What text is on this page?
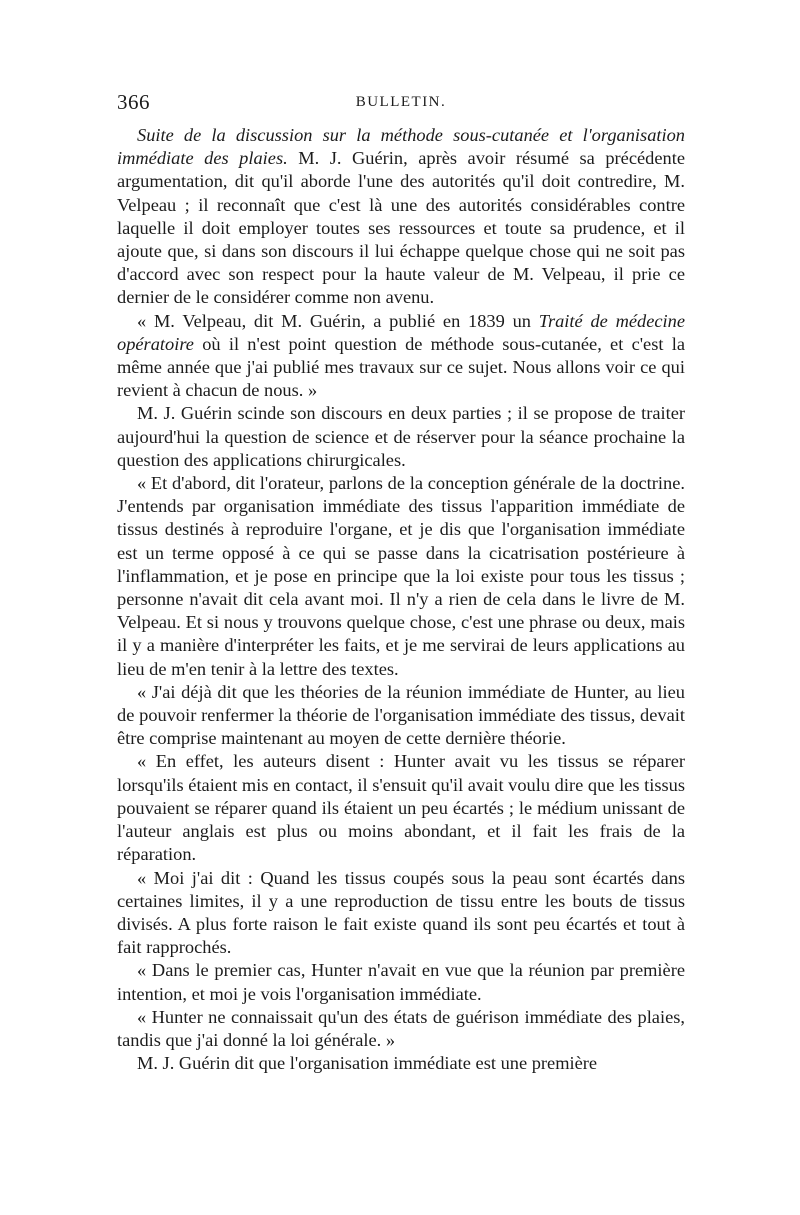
366	BULLETIN.

Suite de la discussion sur la méthode sous-cutanée et l'organisation immédiate des plaies. M. J. Guérin, après avoir résumé sa précédente argumentation, dit qu'il aborde l'une des autorités qu'il doit contredire, M. Velpeau ; il reconnaît que c'est là une des autorités considérables contre laquelle il doit employer toutes ses ressources et toute sa prudence, et il ajoute que, si dans son discours il lui échappe quelque chose qui ne soit pas d'accord avec son respect pour la haute valeur de M. Velpeau, il prie ce dernier de le considérer comme non avenu.

« M. Velpeau, dit M. Guérin, a publié en 1839 un Traité de médecine opératoire où il n'est point question de méthode sous-cutanée, et c'est la même année que j'ai publié mes travaux sur ce sujet. Nous allons voir ce qui revient à chacun de nous. »

M. J. Guérin scinde son discours en deux parties ; il se propose de traiter aujourd'hui la question de science et de réserver pour la séance prochaine la question des applications chirurgicales.

« Et d'abord, dit l'orateur, parlons de la conception générale de la doctrine. J'entends par organisation immédiate des tissus l'apparition immédiate de tissus destinés à reproduire l'organe, et je dis que l'organisation immédiate est un terme opposé à ce qui se passe dans la cicatrisation postérieure à l'inflammation, et je pose en principe que la loi existe pour tous les tissus ; personne n'avait dit cela avant moi. Il n'y a rien de cela dans le livre de M. Velpeau. Et si nous y trouvons quelque chose, c'est une phrase ou deux, mais il y a manière d'interpréter les faits, et je me servirai de leurs applications au lieu de m'en tenir à la lettre des textes.

« J'ai déjà dit que les théories de la réunion immédiate de Hunter, au lieu de pouvoir renfermer la théorie de l'organisation immédiate des tissus, devait être comprise maintenant au moyen de cette dernière théorie.

« En effet, les auteurs disent : Hunter avait vu les tissus se réparer lorsqu'ils étaient mis en contact, il s'ensuit qu'il avait voulu dire que les tissus pouvaient se réparer quand ils étaient un peu écartés ; le médium unissant de l'auteur anglais est plus ou moins abondant, et il fait les frais de la réparation.

« Moi j'ai dit : Quand les tissus coupés sous la peau sont écartés dans certaines limites, il y a une reproduction de tissu entre les bouts de tissus divisés. A plus forte raison le fait existe quand ils sont peu écartés et tout à fait rapprochés.

« Dans le premier cas, Hunter n'avait en vue que la réunion par première intention, et moi je vois l'organisation immédiate.

« Hunter ne connaissait qu'un des états de guérison immédiate des plaies, tandis que j'ai donné la loi générale. »

M. J. Guérin dit que l'organisation immédiate est une première
